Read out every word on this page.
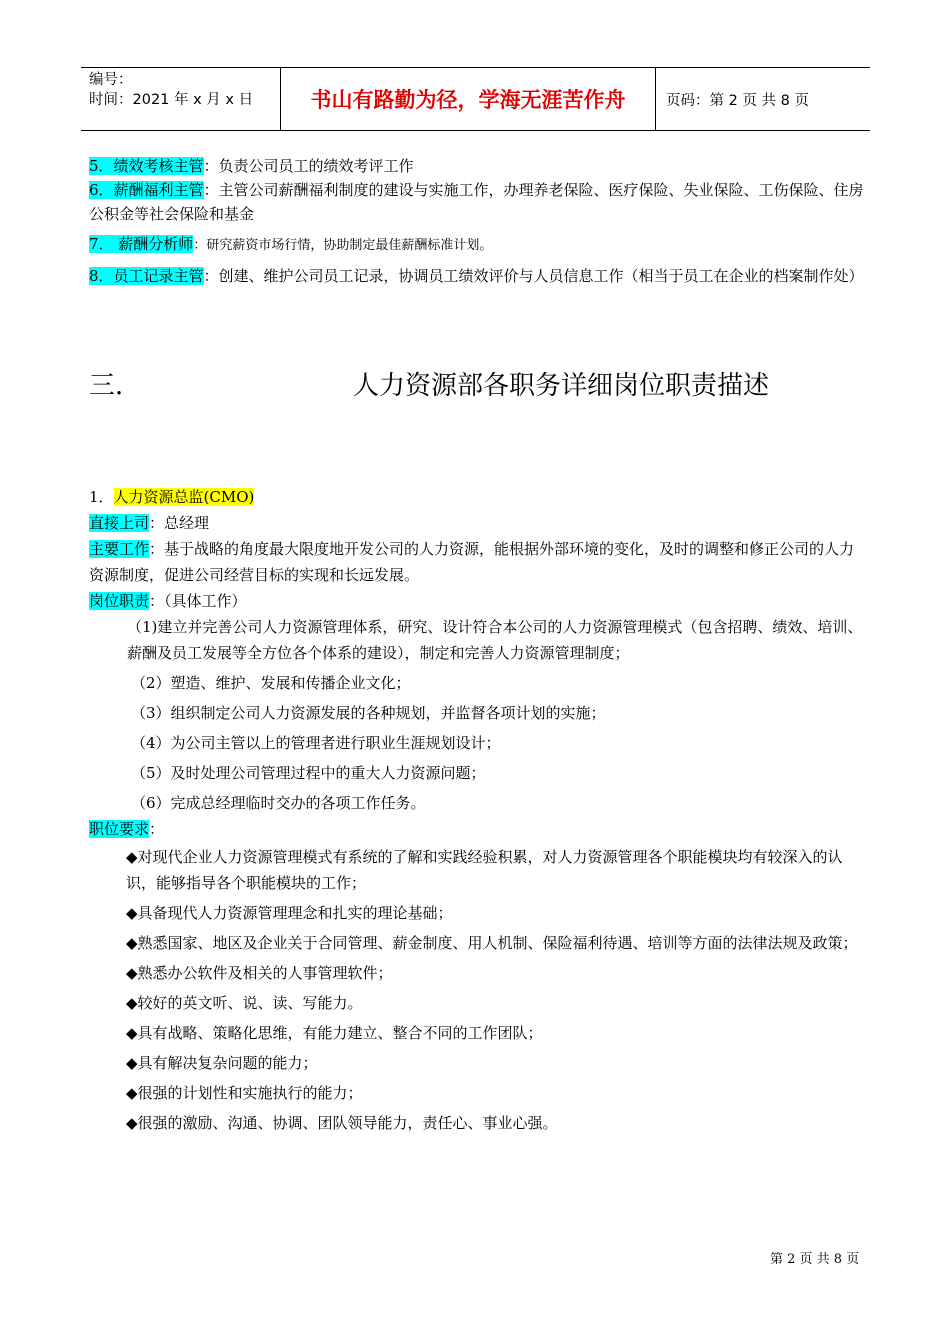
编号：
时间：2021 年 x 月 x 日	书山有路勤为径，学海无涯苦作舟	页码：第 2 页 共 8 页

5．绩效考核主管：负责公司员工的绩效考评工作

6．薪酬福利主管：主管公司薪酬福利制度的建设与实施工作，办理养老保险、医疗保险、失业保险、工伤保险、住房公积金等社会保险和基金

7． 薪酬分析师：研究薪资市场行情，协助制定最佳薪酬标准计划。

8．员工记录主管：创建、维护公司员工记录，协调员工绩效评价与人员信息工作（相当于员工在企业的档案制作处）

三．	人力资源部各职务详细岗位职责描述

1．人力资源总监(CMO)

直接上司：总经理

主要工作：基于战略的角度最大限度地开发公司的人力资源，能根据外部环境的变化，及时的调整和修正公司的人力资源制度，促进公司经营目标的实现和长远发展。

岗位职责：（具体工作）

（1)建立并完善公司人力资源管理体系，研究、设计符合本公司的人力资源管理模式（包含招聘、绩效、培训、薪酬及员工发展等全方位各个体系的建设），制定和完善人力资源管理制度；

（2）塑造、维护、发展和传播企业文化；

（3）组织制定公司人力资源发展的各种规划，并监督各项计划的实施；

（4）为公司主管以上的管理者进行职业生涯规划设计；

（5）及时处理公司管理过程中的重大人力资源问题；

（6）完成总经理临时交办的各项工作任务。

职位要求：

◆对现代企业人力资源管理模式有系统的了解和实践经验积累，对人力资源管理各个职能模块均有较深入的认识，能够指导各个职能模块的工作；

◆具备现代人力资源管理理念和扎实的理论基础；

◆熟悉国家、地区及企业关于合同管理、薪金制度、用人机制、保险福利待遇、培训等方面的法律法规及政策；

◆熟悉办公软件及相关的人事管理软件；

◆较好的英文听、说、读、写能力。

◆具有战略、策略化思维，有能力建立、整合不同的工作团队；

◆具有解决复杂问题的能力；

◆很强的计划性和实施执行的能力；

◆很强的激励、沟通、协调、团队领导能力，责任心、事业心强。

第 2 页 共 8 页
